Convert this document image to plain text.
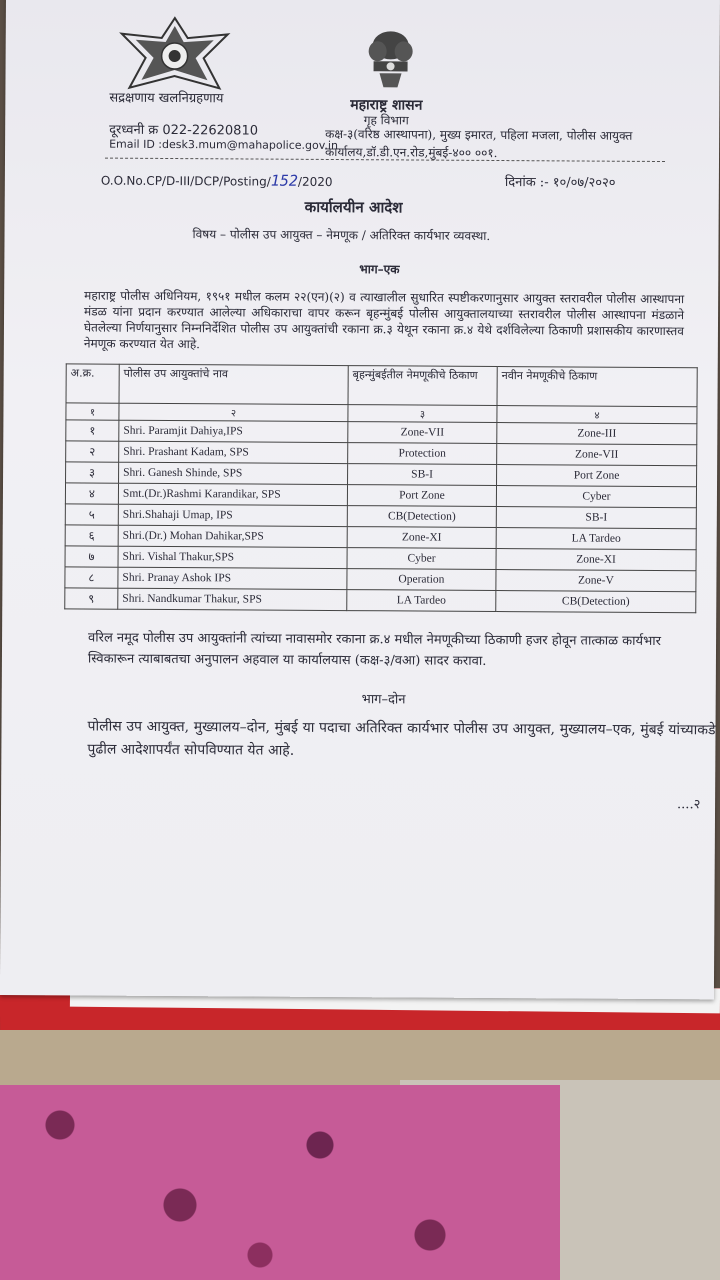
सद्रक्षणाय खलनिग्रहणाय
दूरध्वनी क्र 022-22620810
Email ID :desk3.mum@mahapolice.gov.in
महाराष्ट्र शासन
गृह विभाग
कक्ष-३(वरिष्ठ आस्थापना), मुख्य इमारत, पहिला मजला, पोलीस आयुक्त
कार्यालय,डॉ.डी.एन.रोड,मुंबई-४०० ००१.
O.O.No.CP/D-III/DCP/Posting/152/2020	दिनांक :- १०/०७/२०२०
कार्यालयीन आदेश
विषय – पोलीस उप आयुक्त – नेमणूक / अतिरिक्त कार्यभार व्यवस्था.
भाग–एक
महाराष्ट्र पोलीस अधिनियम, १९५१ मधील कलम २२(एन)(२) व त्याखालील सुधारित स्पष्टीकरणानुसार आयुक्त स्तरावरील पोलीस आस्थापना मंडळ यांना प्रदान करण्यात आलेल्या अधिकाराचा वापर करून बृहन्मुंबई पोलीस आयुक्तालयाच्या स्तरावरील पोलीस आस्थापना मंडळाने घेतलेल्या निर्णयानुसार निम्ननिर्देशित पोलीस उप आयुक्तांची रकाना क्र.३ येथून रकाना क्र.४ येथे दर्शविलेल्या ठिकाणी प्रशासकीय कारणास्तव नेमणूक करण्यात येत आहे.
अ.क्र.	पोलीस उप आयुक्तांचे नाव	बृहन्मुंबईतील नेमणूकीचे ठिकाण	नवीन नेमणूकीचे ठिकाण
१	२	३	४
१	Shri. Paramjit Dahiya,IPS	Zone-VII	Zone-III
२	Shri. Prashant Kadam, SPS	Protection	Zone-VII
३	Shri. Ganesh Shinde, SPS	SB-I	Port Zone
४	Smt.(Dr.)Rashmi Karandikar, SPS	Port Zone	Cyber
५	Shri.Shahaji Umap, IPS	CB(Detection)	SB-I
६	Shri.(Dr.) Mohan Dahikar,SPS	Zone-XI	LA Tardeo
७	Shri. Vishal Thakur,SPS	Cyber	Zone-XI
८	Shri. Pranay Ashok IPS	Operation	Zone-V
९	Shri. Nandkumar Thakur, SPS	LA Tardeo	CB(Detection)
वरिल नमूद पोलीस उप आयुक्तांनी त्यांच्या नावासमोर रकाना क्र.४ मधील नेमणूकीच्या ठिकाणी हजर होवून तात्काळ कार्यभार स्विकारून त्याबाबतचा अनुपालन अहवाल या कार्यालयास (कक्ष-३/वआ) सादर करावा.
भाग–दोन
पोलीस उप आयुक्त, मुख्यालय–दोन, मुंबई या पदाचा अतिरिक्त कार्यभार पोलीस उप आयुक्त, मुख्यालय–एक, मुंबई यांच्याकडे पुढील आदेशापर्यंत सोपविण्यात येत आहे.
....२
